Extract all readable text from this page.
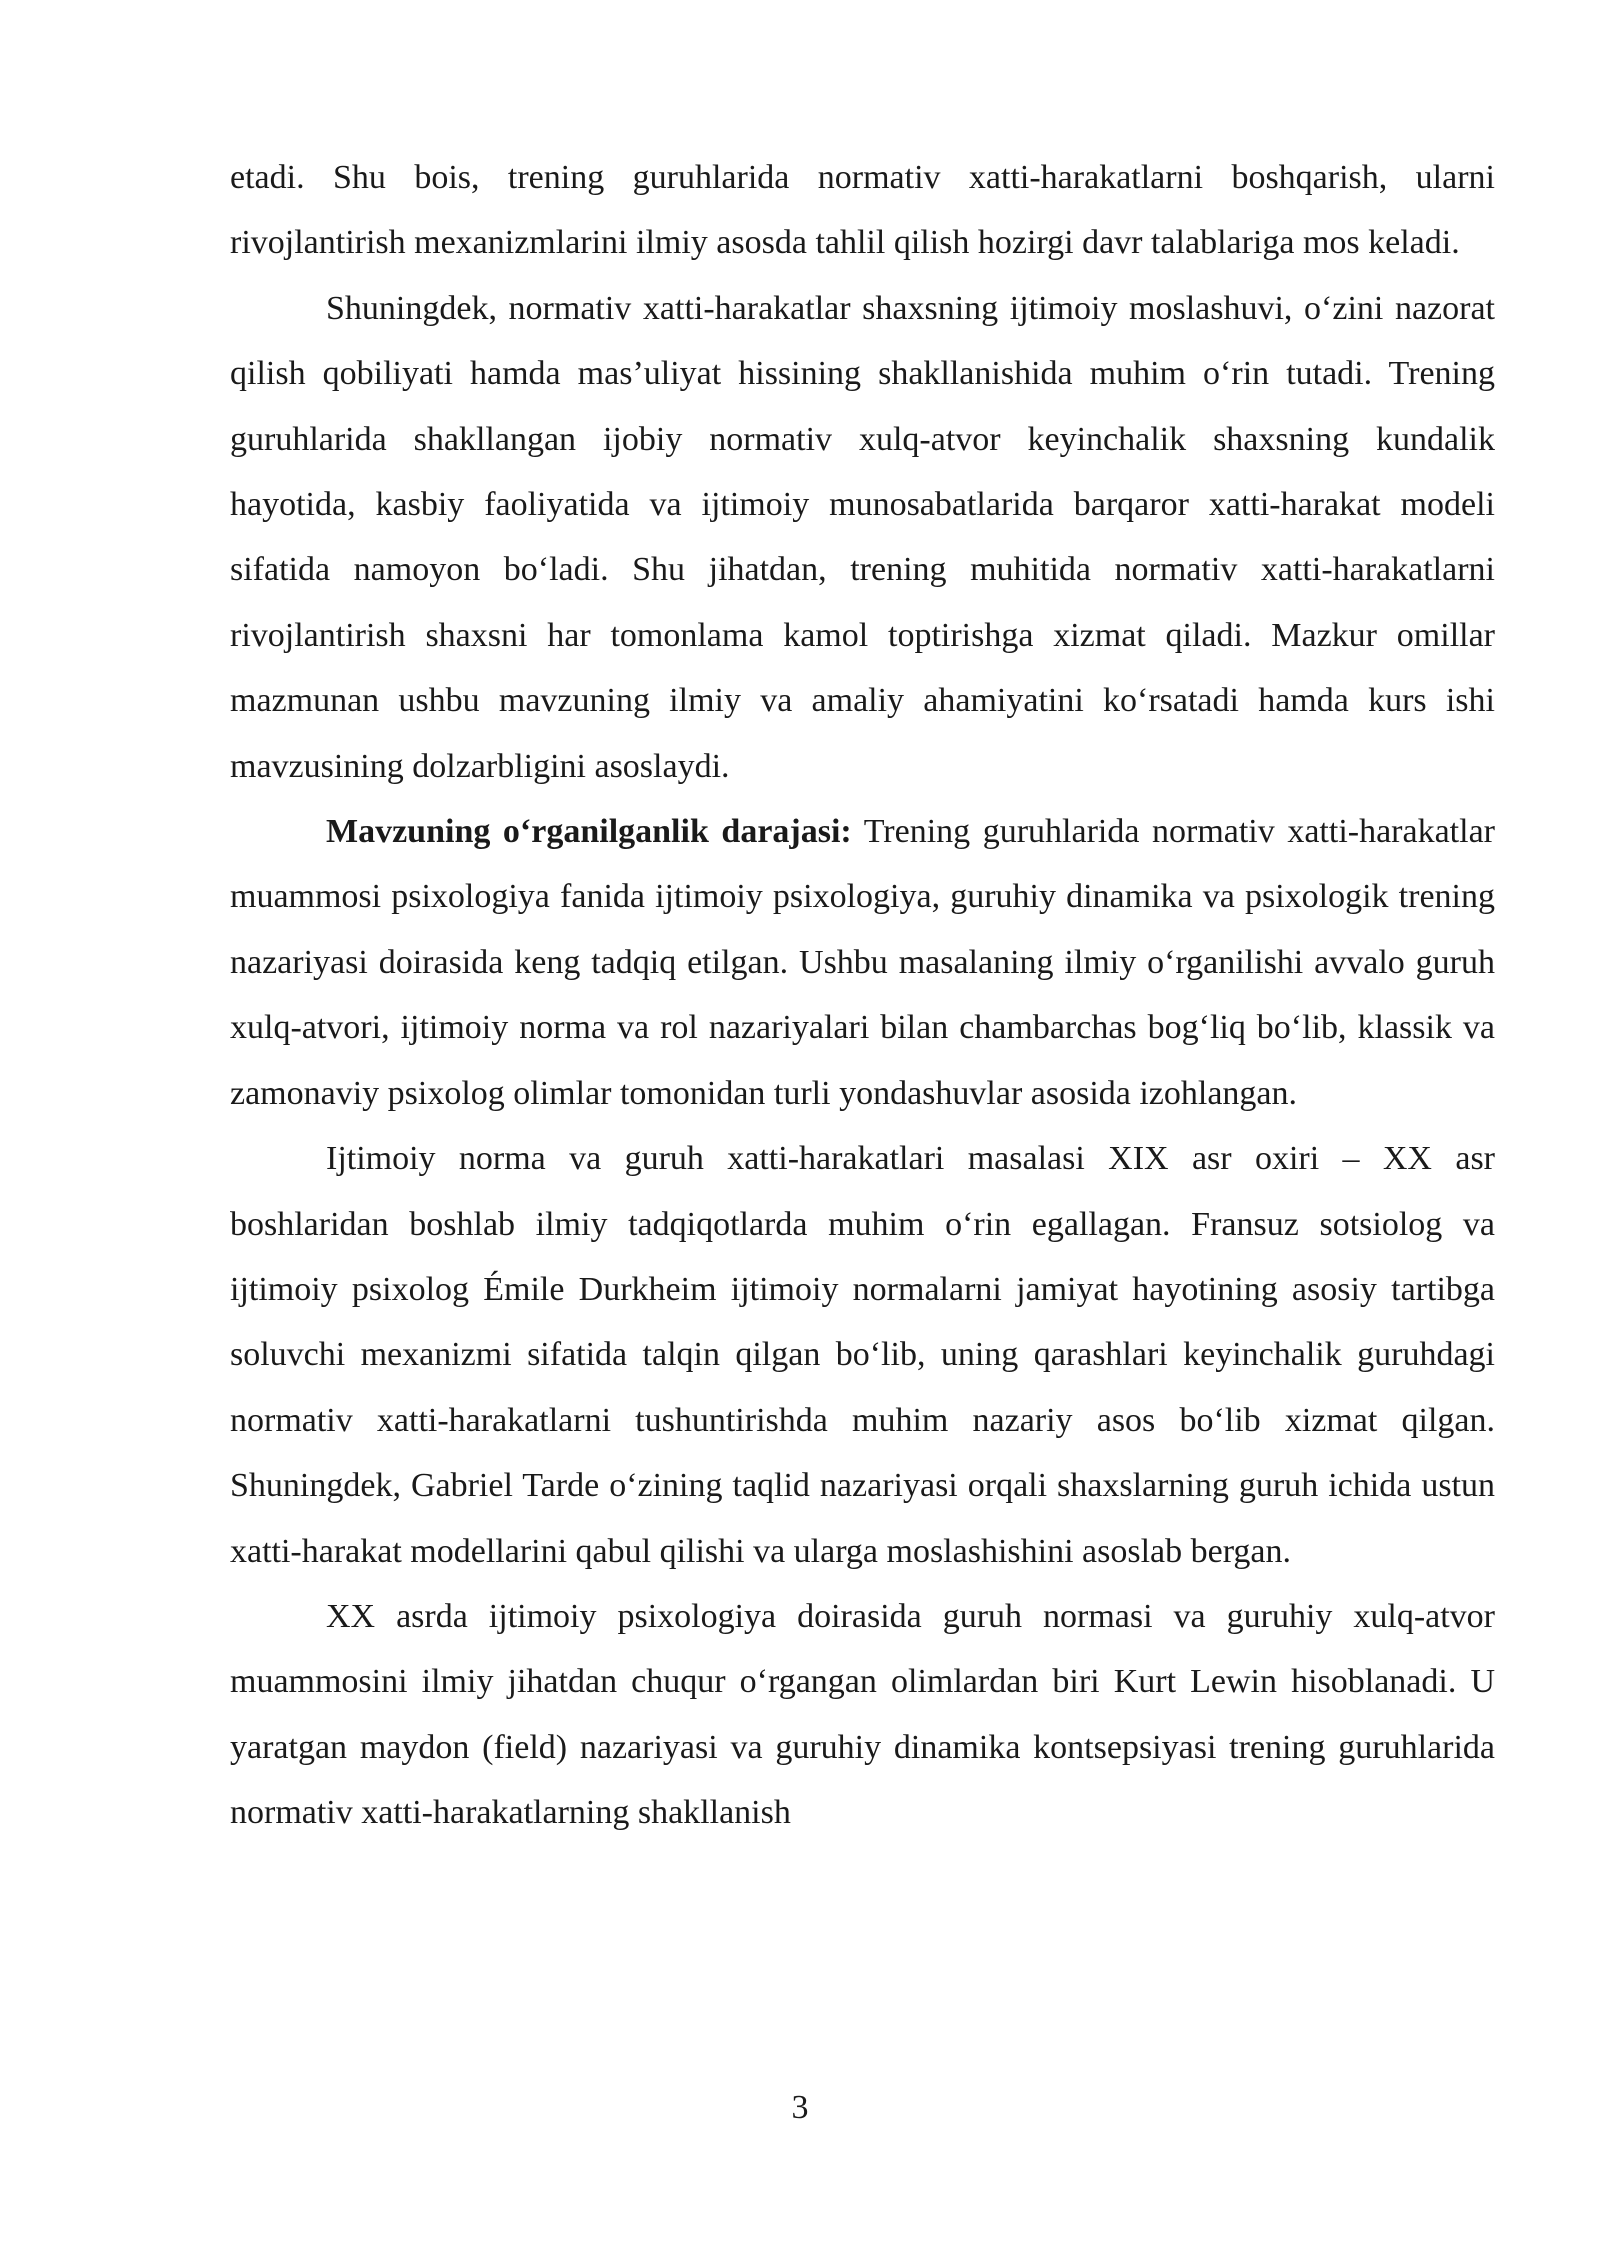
etadi. Shu bois, trening guruhlarida normativ xatti-harakatlarni boshqarish, ularni rivojlantirish mexanizmlarini ilmiy asosda tahlil qilish hozirgi davr talablariga mos keladi.

Shuningdek, normativ xatti-harakatlar shaxsning ijtimoiy moslashuvi, o‘zini nazorat qilish qobiliyati hamda mas’uliyat hissining shakllanishida muhim o‘rin tutadi. Trening guruhlarida shakllangan ijobiy normativ xulq-atvor keyinchalik shaxsning kundalik hayotida, kasbiy faoliyatida va ijtimoiy munosabatlarida barqaror xatti-harakat modeli sifatida namoyon bo‘ladi. Shu jihatdan, trening muhitida normativ xatti-harakatlarni rivojlantirish shaxsni har tomonlama kamol toptirishga xizmat qiladi. Mazkur omillar mazmunan ushbu mavzuning ilmiy va amaliy ahamiyatini ko‘rsatadi hamda kurs ishi mavzusining dolzarbligini asoslaydi.

Mavzuning o‘rganilganlik darajasi: Trening guruhlarida normativ xatti-harakatlar muammosi psixologiya fanida ijtimoiy psixologiya, guruhiy dinamika va psixologik trening nazariyasi doirasida keng tadqiq etilgan. Ushbu masalaning ilmiy o‘rganilishi avvalo guruh xulq-atvori, ijtimoiy norma va rol nazariyalari bilan chambarchas bog‘liq bo‘lib, klassik va zamonaviy psixolog olimlar tomonidan turli yondashuvlar asosida izohlangan.

Ijtimoiy norma va guruh xatti-harakatlari masalasi XIX asr oxiri – XX asr boshlaridan boshlab ilmiy tadqiqotlarda muhim o‘rin egallagan. Fransuz sotsiolog va ijtimoiy psixolog Émile Durkheim ijtimoiy normalarni jamiyat hayotining asosiy tartibga soluvchi mexanizmi sifatida talqin qilgan bo‘lib, uning qarashlari keyinchalik guruhdagi normativ xatti-harakatlarni tushuntirishda muhim nazariy asos bo‘lib xizmat qilgan. Shuningdek, Gabriel Tarde o‘zining taqlid nazariyasi orqali shaxslarning guruh ichida ustun xatti-harakat modellarini qabul qilishi va ularga moslashishini asoslab bergan.

XX asrda ijtimoiy psixologiya doirasida guruh normasi va guruhiy xulq-atvor muammosini ilmiy jihatdan chuqur o‘rgangan olimlardan biri Kurt Lewin hisoblanadi. U yaratgan maydon (field) nazariyasi va guruhiy dinamika kontsepsiyasi trening guruhlarida normativ xatti-harakatlarning shakllanish

3
